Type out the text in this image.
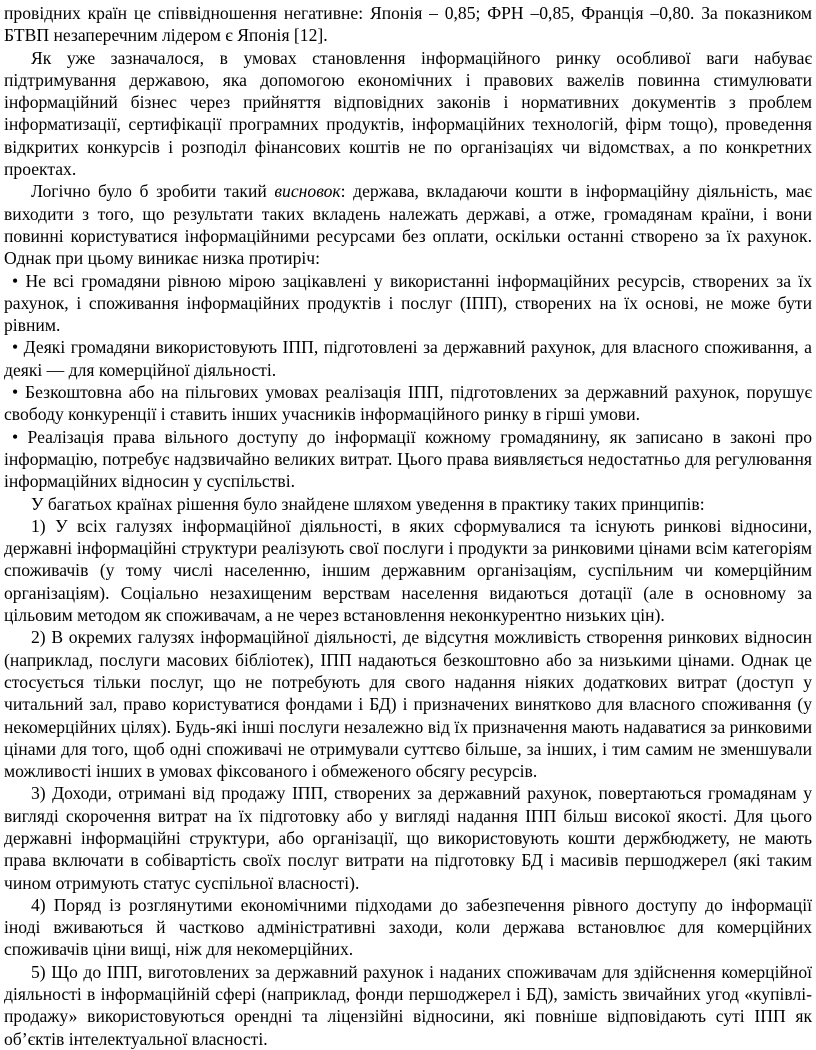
провідних країн це співвідношення негативне: Японія – 0,85; ФРН –0,85, Франція –0,80. За показником БТВП незаперечним лідером є Японія [12].

Як уже зазначалося, в умовах становлення інформаційного ринку особливої ваги набуває підтримування державою, яка допомогою економічних і правових важелів повинна стимулювати інформаційний бізнес через прийняття відповідних законів і нормативних документів з проблем інформатизації, сертифікації програмних продуктів, інформаційних технологій, фірм тощо), проведення відкритих конкурсів і розподіл фінансових коштів не по організаціях чи відомствах, а по конкретних проектах.

Логічно було б зробити такий висновок: держава, вкладаючи кошти в інформаційну діяльність, має виходити з того, що результати таких вкладень належать державі, а отже, громадянам країни, і вони повинні користуватися інформаційними ресурсами без оплати, оскільки останні створено за їх рахунок. Однак при цьому виникає низка протиріч:

• Не всі громадяни рівною мірою зацікавлені у використанні інформаційних ресурсів, створених за їх рахунок, і споживання інформаційних продуктів і послуг (ІПП), створених на їх основі, не може бути рівним.

• Деякі громадяни використовують ІПП, підготовлені за державний рахунок, для власного споживання, а деякі — для комерційної діяльності.

• Безкоштовна або на пільгових умовах реалізація ІПП, підготовлених за державний рахунок, порушує свободу конкуренції і ставить інших учасників інформаційного ринку в гірші умови.

• Реалізація права вільного доступу до інформації кожному громадянину, як записано в законі про інформацію, потребує надзвичайно великих витрат. Цього права виявляється недостатньо для регулювання інформаційних відносин у суспільстві.

У багатьох країнах рішення було знайдене шляхом уведення в практику таких принципів:

1) У всіх галузях інформаційної діяльності, в яких сформувалися та існують ринкові відносини, державні інформаційні структури реалізують свої послуги і продукти за ринковими цінами всім категоріям споживачів (у тому числі населенню, іншим державним організаціям, суспільним чи комерційним організаціям). Соціально незахищеним верствам населення видаються дотації (але в основному за цільовим методом як споживачам, а не через встановлення неконкурентно низьких цін).

2) В окремих галузях інформаційної діяльності, де відсутня можливість створення ринкових відносин (наприклад, послуги масових бібліотек), ІПП надаються безкоштовно або за низькими цінами. Однак це стосується тільки послуг, що не потребують для свого надання ніяких додаткових витрат (доступ у читальний зал, право користуватися фондами і БД) і призначених винятково для власного споживання (у некомерційних цілях). Будь-які інші послуги незалежно від їх призначення мають надаватися за ринковими цінами для того, щоб одні споживачі не отримували суттєво більше, за інших, і тим самим не зменшували можливості інших в умовах фіксованого і обмеженого обсягу ресурсів.

3) Доходи, отримані від продажу ІПП, створених за державний рахунок, повертаються громадянам у вигляді скорочення витрат на їх підготовку або у вигляді надання ІПП більш високої якості. Для цього державні інформаційні структури, або організації, що використовують кошти держбюджету, не мають права включати в собівартість своїх послуг витрати на підготовку БД і масивів першоджерел (які таким чином отримують статус суспільної власності).

4) Поряд із розглянутими економічними підходами до забезпечення рівного доступу до інформації іноді вживаються й частково адміністративні заходи, коли держава встановлює для комерційних споживачів ціни вищі, ніж для некомерційних.

5) Що до ІПП, виготовлених за державний рахунок і наданих споживачам для здійснення комерційної діяльності в інформаційній сфері (наприклад, фонди першоджерел і БД), замість звичайних угод «купівлі-продажу» використовуються орендні та ліцензійні відносини, які повніше відповідають суті ІПП як об’єктів інтелектуальної власності.
